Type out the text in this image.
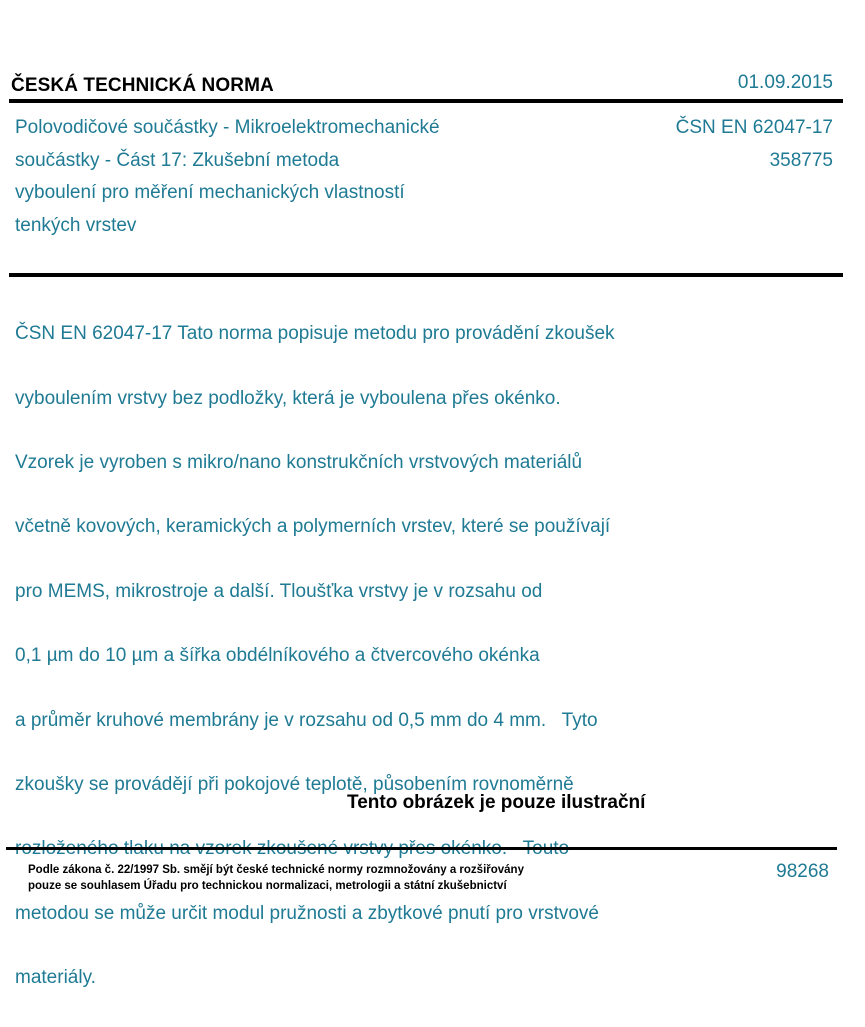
ČESKÁ TECHNICKÁ NORMA	01.09.2015
Polovodičové součástky - Mikroelektromechanické
součástky - Část 17: Zkušební metoda
vyboulení pro měření mechanických vlastností
tenkých vrstev
ČSN EN 62047-17
358775

ČSN EN 62047-17 Tato norma popisuje metodu pro provádění zkoušek

vyboulením vrstvy bez podložky, která je vyboulena přes okénko.

Vzorek je vyroben s mikro/nano konstrukčních vrstvových materiálů

včetně kovových, keramických a polymerních vrstev, které se používají

pro MEMS, mikrostroje a další. Tloušťka vrstvy je v rozsahu od

0,1 µm do 10 µm a šířka obdélníkového a čtvercového okénka

a průměr kruhové membrány je v rozsahu od 0,5 mm do 4 mm.   Tyto

zkoušky se provádějí při pokojové teplotě, působením rovnoměrně

metodou se může určit modul pružnosti a zbytkové pnutí pro vrstvové

materiály.

Tento obrázek je pouze ilustrační
Podle zákona č. 22/1997 Sb. smějí být české technické normy rozmnožovány a rozšiřovány
pouze se souhlasem Úřadu pro technickou normalizaci, metrologii a státní zkušebnictví
98268
